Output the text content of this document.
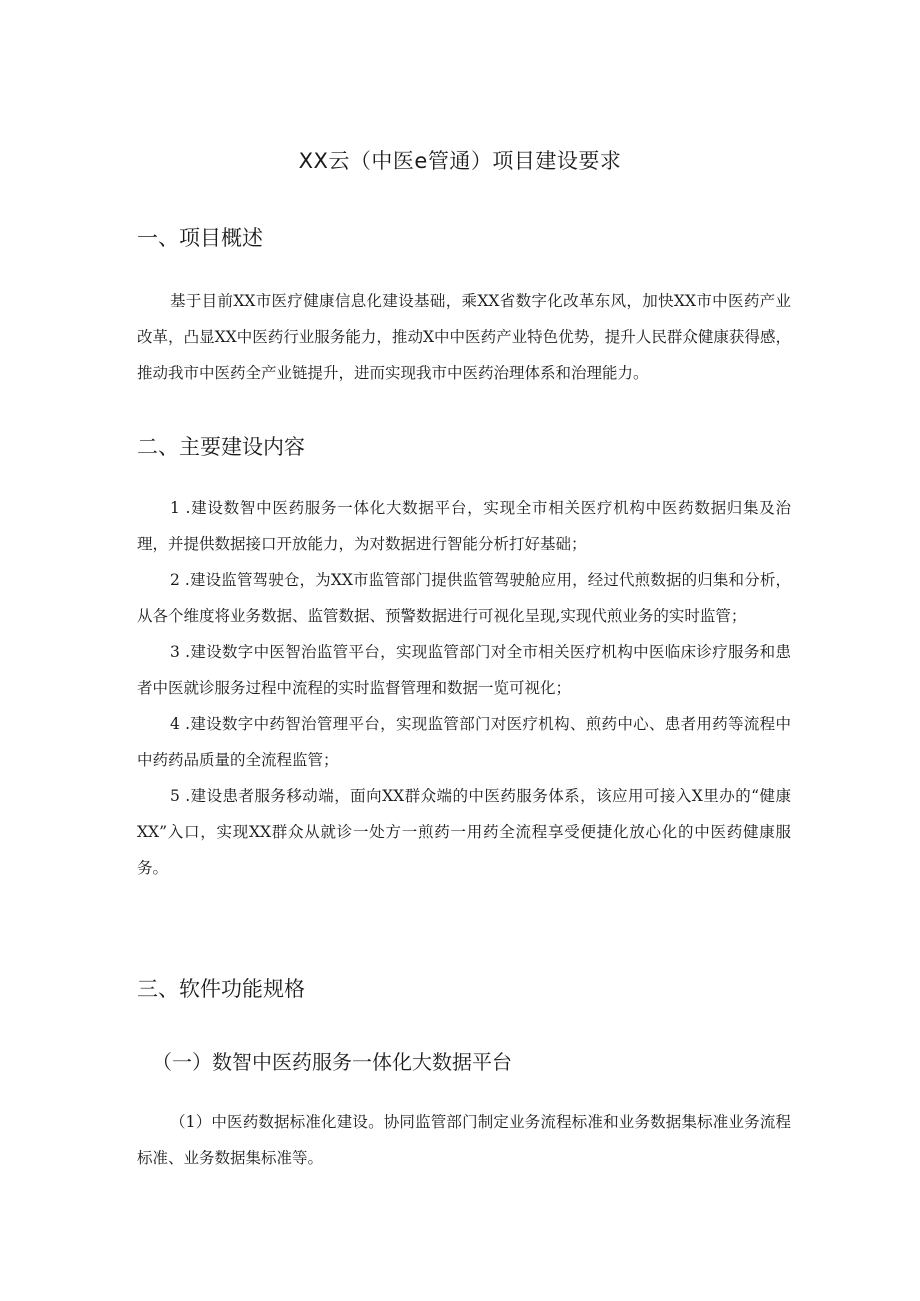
XX云（中医e管通）项目建设要求
一、项目概述

基于目前XX市医疗健康信息化建设基础，乘XX省数字化改革东风，加快XX市中医药产业改革，凸显XX中医药行业服务能力，推动X中中医药产业特色优势，提升人民群众健康获得感，推动我市中医药全产业链提升，进而实现我市中医药治理体系和治理能力。

二、主要建设内容
1 .建设数智中医药服务一体化大数据平台，实现全市相关医疗机构中医药数据归集及治理，并提供数据接口开放能力，为对数据进行智能分析打好基础；
2 .建设监管驾驶仓，为XX市监管部门提供监管驾驶舱应用，经过代煎数据的归集和分析，从各个维度将业务数据、监管数据、预警数据进行可视化呈现,实现代煎业务的实时监管；
3 .建设数字中医智治监管平台，实现监管部门对全市相关医疗机构中医临床诊疗服务和患者中医就诊服务过程中流程的实时监督管理和数据一览可视化；
4 .建设数字中药智治管理平台，实现监管部门对医疗机构、煎药中心、患者用药等流程中中药药品质量的全流程监管；
5 .建设患者服务移动端，面向XX群众端的中医药服务体系，该应用可接入X里办的“健康XX”入口，实现XX群众从就诊一处方一煎药一用药全流程享受便捷化放心化的中医药健康服务。
三、软件功能规格
（一）数智中医药服务一体化大数据平台

（1）中医药数据标准化建设。协同监管部门制定业务流程标准和业务数据集标准业务流程标准、业务数据集标准等。
